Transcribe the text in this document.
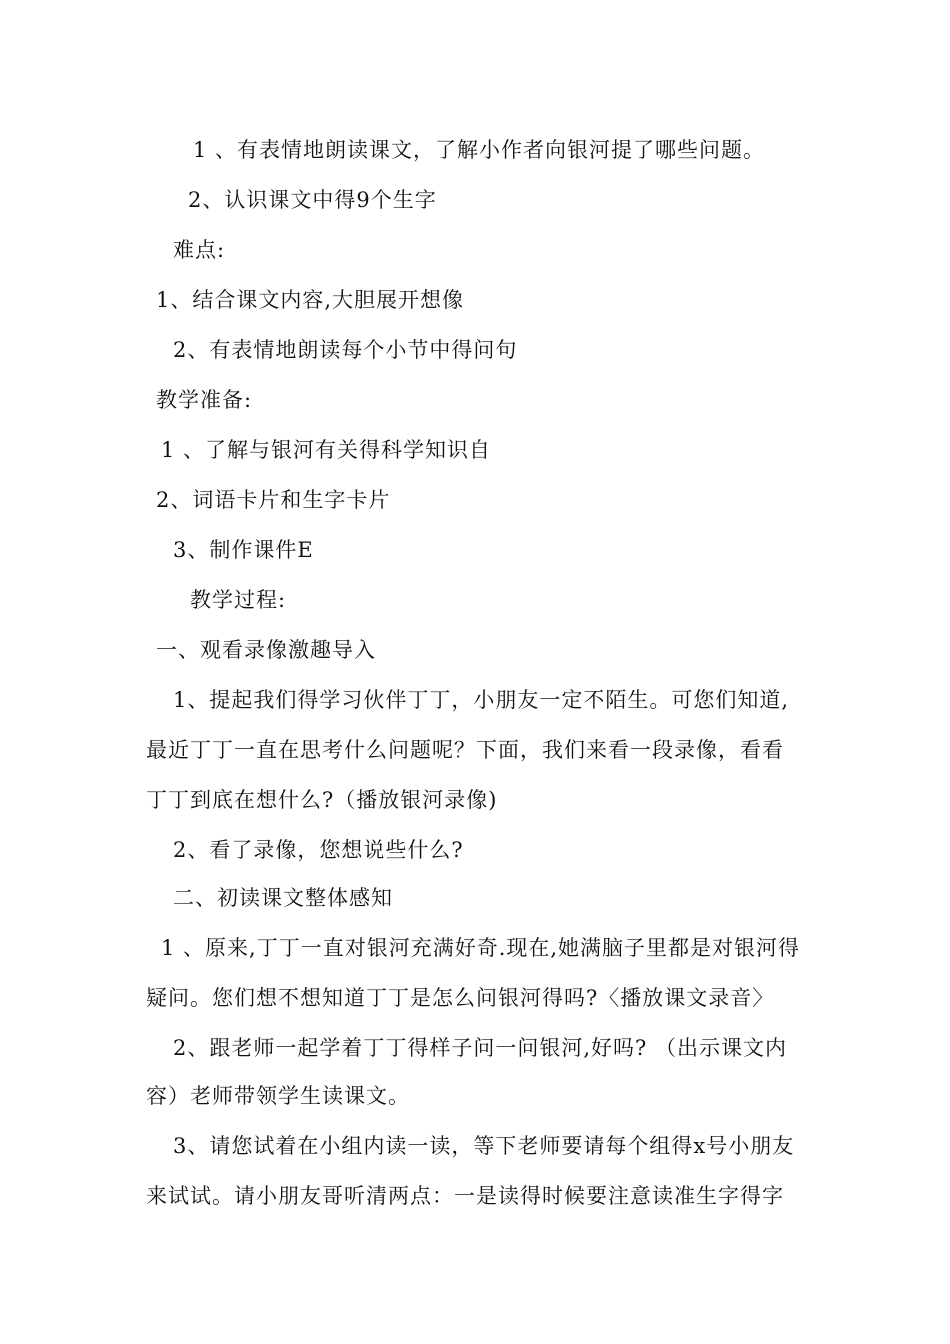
1 、有表情地朗读课文，了解小作者向银河提了哪些问题。
2、认识课文中得9个生字
难点:
1、结合课文内容,大胆展开想像
2、有表情地朗读每个小节中得问句
教学准备:
1 、了解与银河有关得科学知识自
2、词语卡片和生字卡片
3、制作课件E
教学过程:
一、观看录像激趣导入
1、提起我们得学习伙伴丁丁，小朋友一定不陌生。可您们知道,
最近丁丁一直在思考什么问题呢？下面，我们来看一段录像，看看
丁丁到底在想什么?（播放银河录像)
2、看了录像，您想说些什么?
二、初读课文整体感知
1 、原来,丁丁一直对银河充满好奇.现在,她满脑子里都是对银河得
疑问。您们想不想知道丁丁是怎么问银河得吗?〈播放课文录音〉
2、跟老师一起学着丁丁得样子问一问银河,好吗? （出示课文内
容）老师带领学生读课文。
3、请您试着在小组内读一读，等下老师要请每个组得x号小朋友
来试试。请小朋友哥听清两点：一是读得时候要注意读准生字得字
